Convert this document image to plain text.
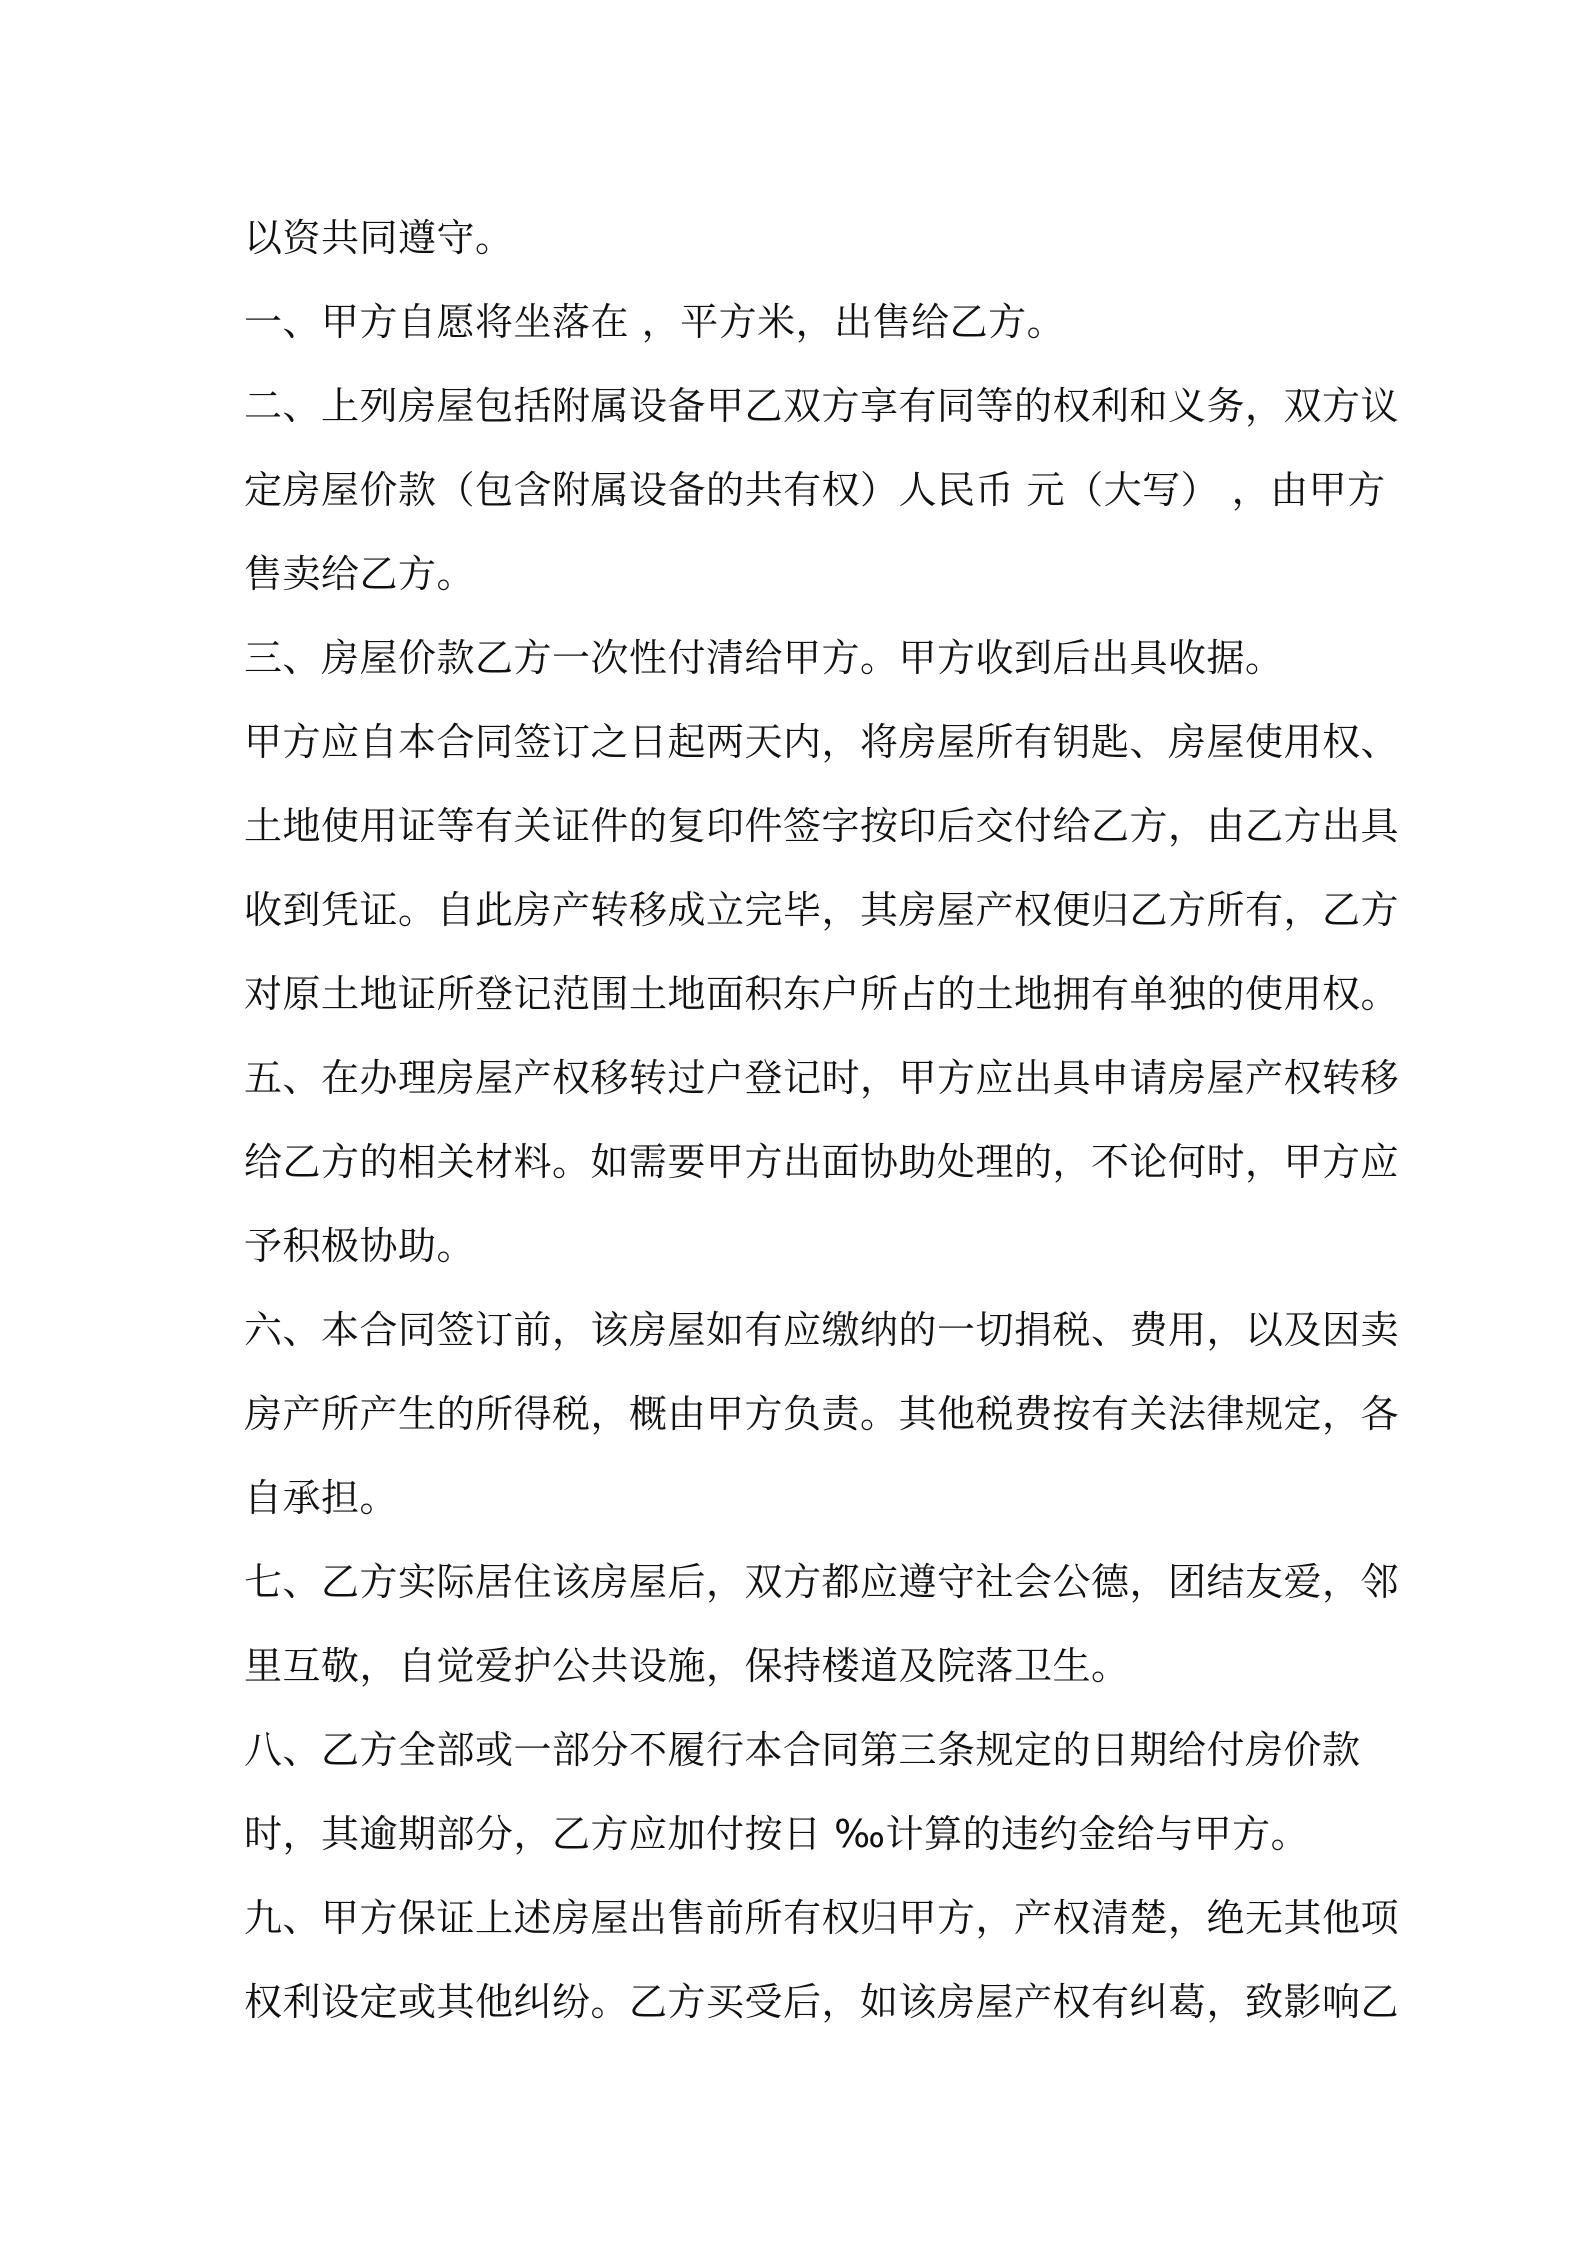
以资共同遵守。
一、甲方自愿将坐落在 ，平方米，出售给乙方。
二、上列房屋包括附属设备甲乙双方享有同等的权利和义务，双方议
定房屋价款（包含附属设备的共有权）人民币 元（大写） ，由甲方
售卖给乙方。
三、房屋价款乙方一次性付清给甲方。甲方收到后出具收据。
甲方应自本合同签订之日起两天内，将房屋所有钥匙、房屋使用权、
土地使用证等有关证件的复印件签字按印后交付给乙方，由乙方出具
收到凭证。自此房产转移成立完毕，其房屋产权便归乙方所有，乙方
对原土地证所登记范围土地面积东户所占的土地拥有单独的使用权。
五、在办理房屋产权移转过户登记时，甲方应出具申请房屋产权转移
给乙方的相关材料。如需要甲方出面协助处理的，不论何时，甲方应
予积极协助。
六、本合同签订前，该房屋如有应缴纳的一切捐税、费用，以及因卖
房产所产生的所得税，概由甲方负责。其他税费按有关法律规定，各
自承担。
七、乙方实际居住该房屋后，双方都应遵守社会公德，团结友爱，邻
里互敬，自觉爱护公共设施，保持楼道及院落卫生。
八、乙方全部或一部分不履行本合同第三条规定的日期给付房价款
时，其逾期部分，乙方应加付按日 ‰计算的违约金给与甲方。
九、甲方保证上述房屋出售前所有权归甲方，产权清楚，绝无其他项
权利设定或其他纠纷。乙方买受后，如该房屋产权有纠葛，致影响乙
